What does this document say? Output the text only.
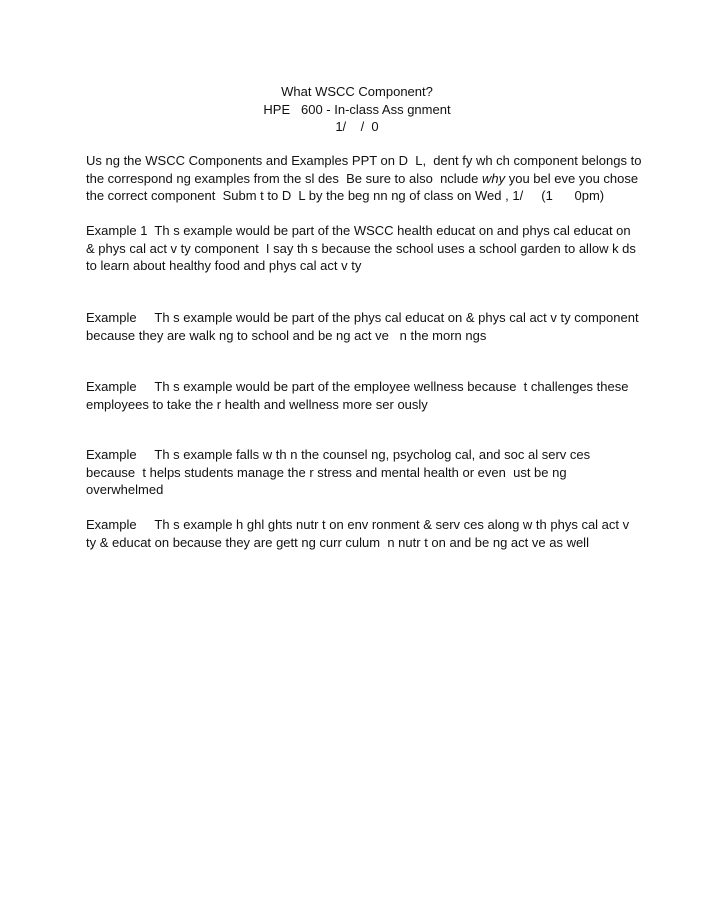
What WSCC Component?
HPE   600 - In-class Ass gnment
1/    /  0

Us ng the WSCC Components and Examples PPT on D  L,  dent fy wh ch component belongs to the correspond ng examples from the sl des  Be sure to also  nclude why you bel eve you chose the correct component  Subm t to D  L by the beg nn ng of class on Wed , 1/     (1      0pm)

Example 1  Th s example would be part of the WSCC health educat on and phys cal educat on & phys cal act v ty component  I say th s because the school uses a school garden to allow k ds to learn about healthy food and phys cal act v ty

Example     Th s example would be part of the phys cal educat on & phys cal act v ty component because they are walk ng to school and be ng act ve   n the morn ngs

Example     Th s example would be part of the employee wellness because  t challenges these employees to take the r health and wellness more ser ously

Example     Th s example falls w th n the counsel ng, psycholog cal, and soc al serv ces because  t helps students manage the r stress and mental health or even  ust be ng overwhelmed

Example     Th s example h ghl ghts nutr t on env ronment & serv ces along w th phys cal act v ty & educat on because they are gett ng curr culum  n nutr t on and be ng act ve as well
